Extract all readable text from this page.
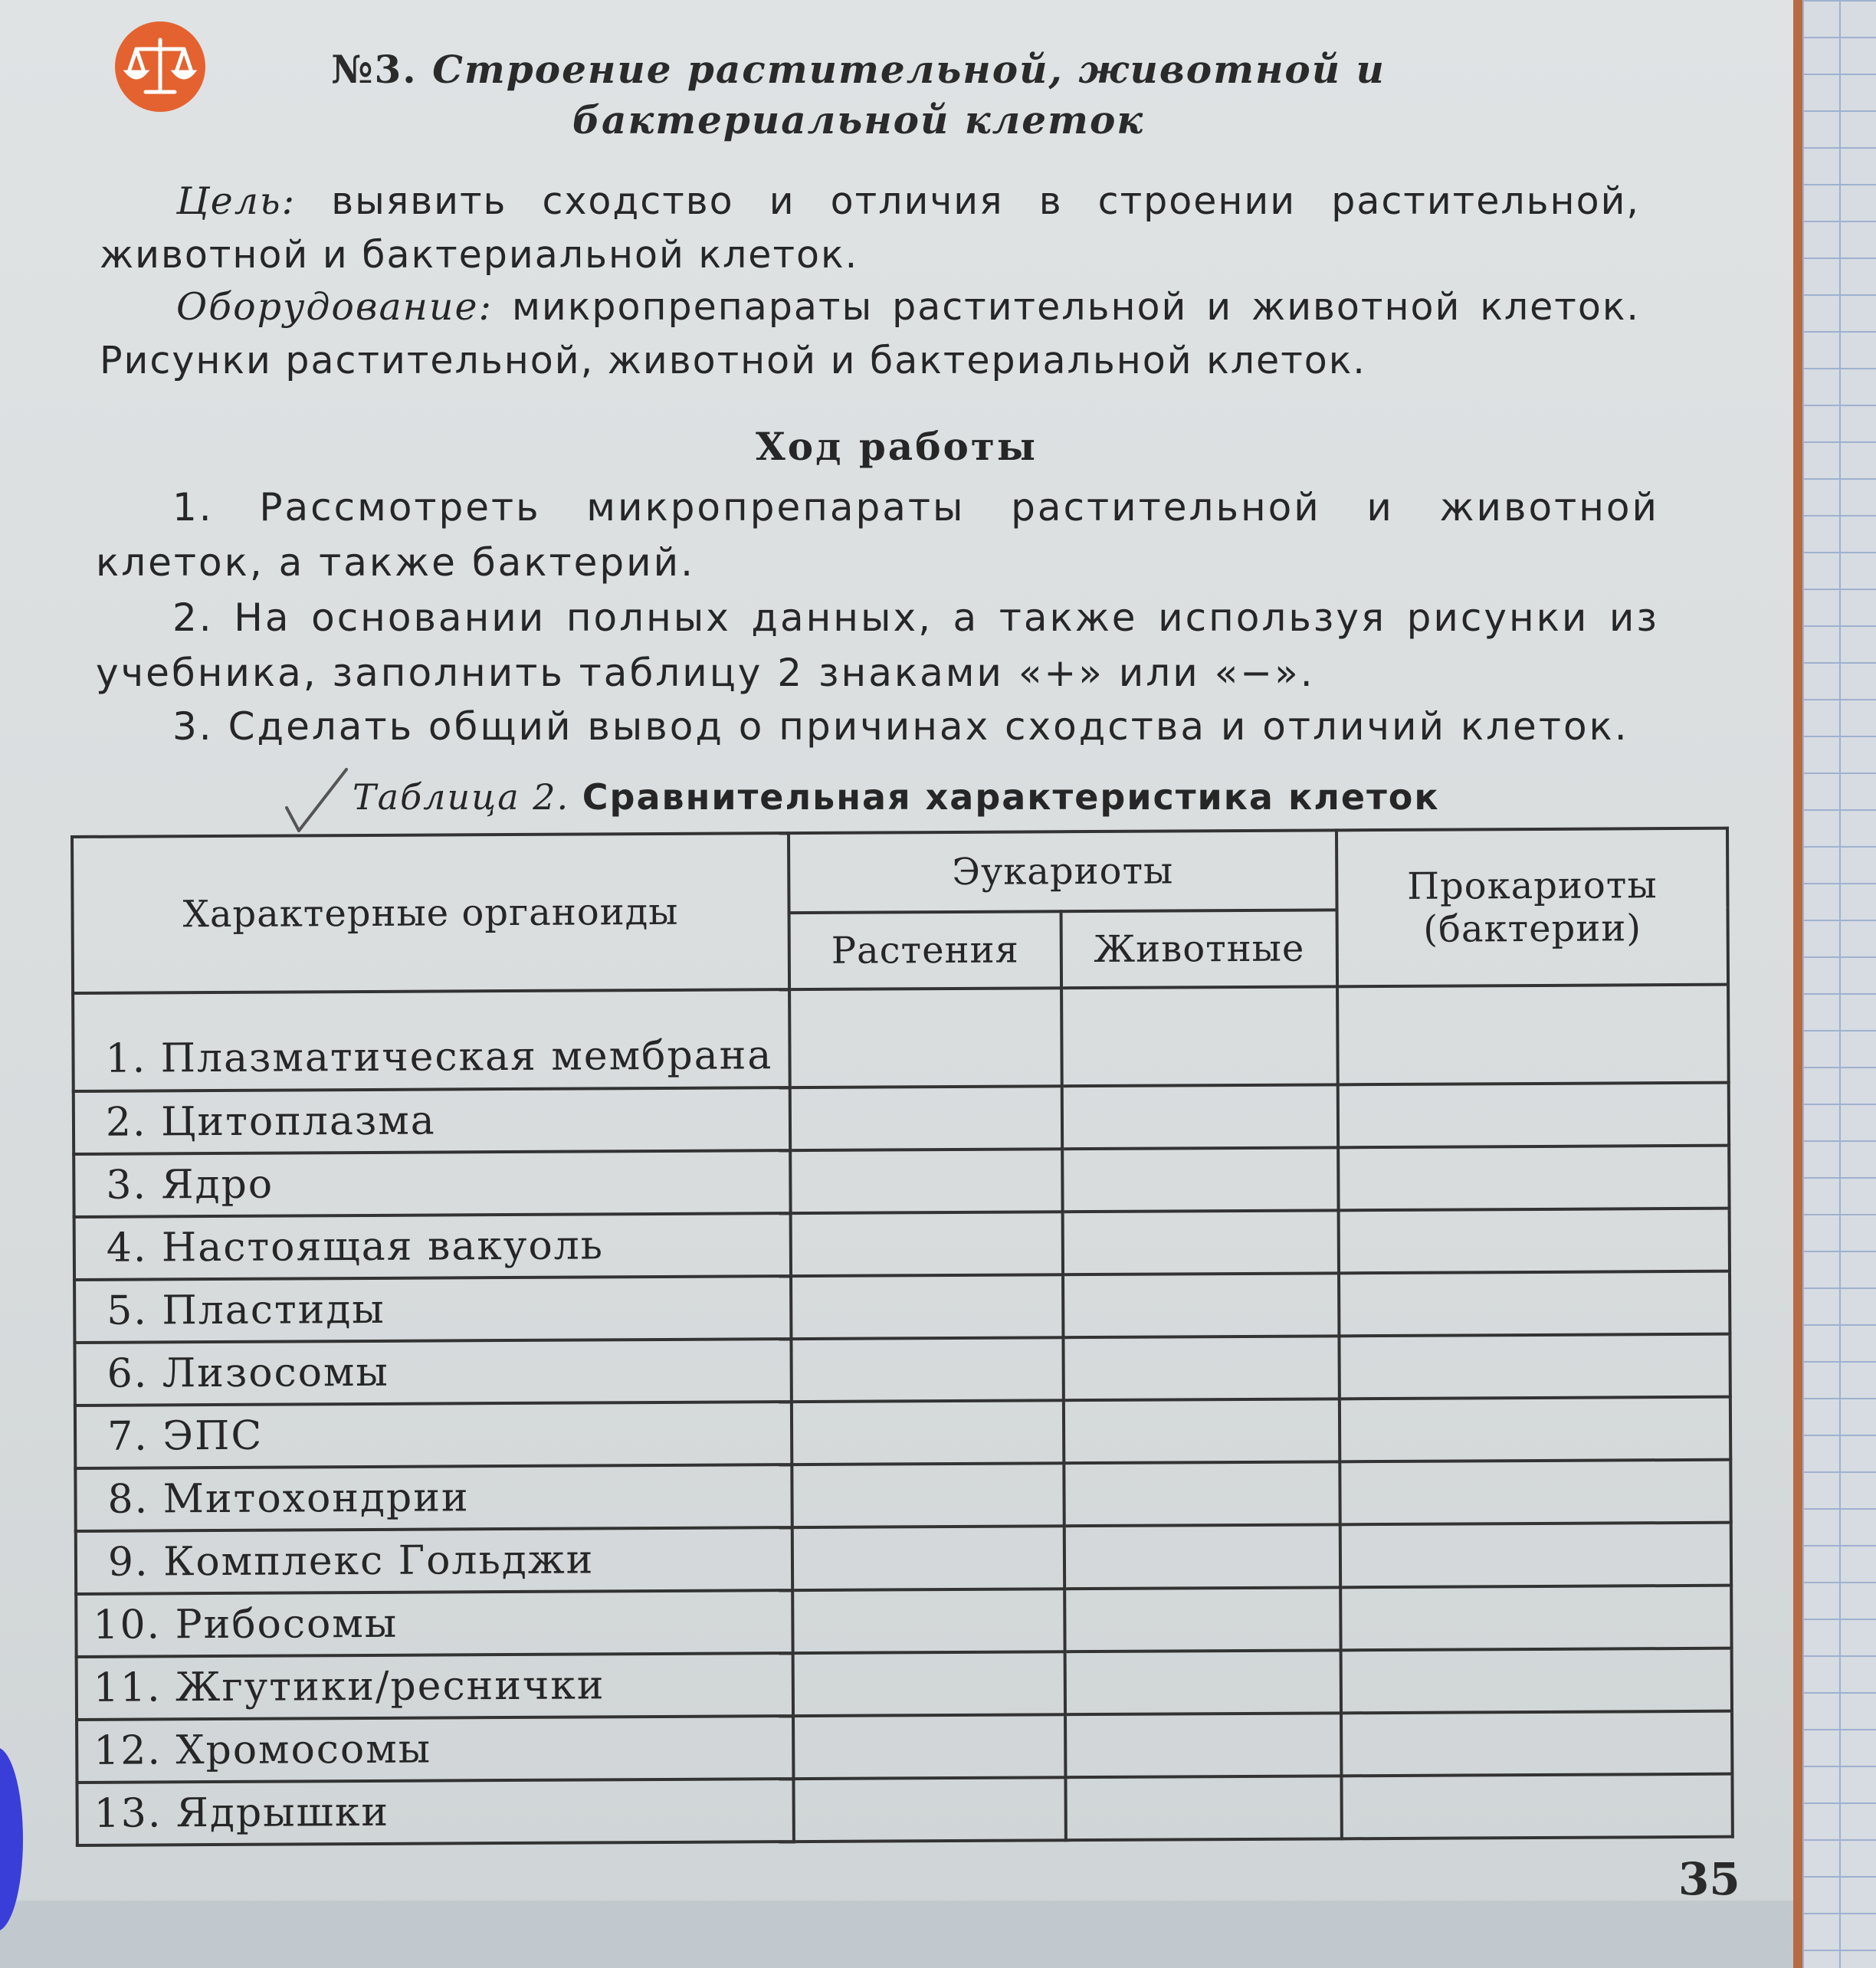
№3. Строение растительной, животной и
бактериальной клеток
Цель: выявить сходство и отличия в строении растительной, животной и бактериальной клеток.
Оборудование: микропрепараты растительной и животной клеток. Рисунки растительной, животной и бактериальной клеток.
Ход работы
1. Рассмотреть микропрепараты растительной и животной клеток, а также бактерий.
2. На основании полных данных, а также используя рисунки из учебника, заполнить таблицу 2 знаками «+» или «−».
3. Сделать общий вывод о причинах сходства и отличий клеток.
Таблица 2. Сравнительная характеристика клеток
Характерные органоиды	Эукариоты		Прокариоты
(бактерии)

	Растения	Животные	
1. Плазматическая мембрана			
2. Цитоплазма			
3. Ядро			
4. Настоящая вакуоль			
5. Пластиды			
6. Лизосомы			
7. ЭПС			
8. Митохондрии			
9. Комплекс Гольджи			
10. Рибосомы			
11. Жгутики/реснички			
12. Хромосомы			
13. Ядрышки			
35
